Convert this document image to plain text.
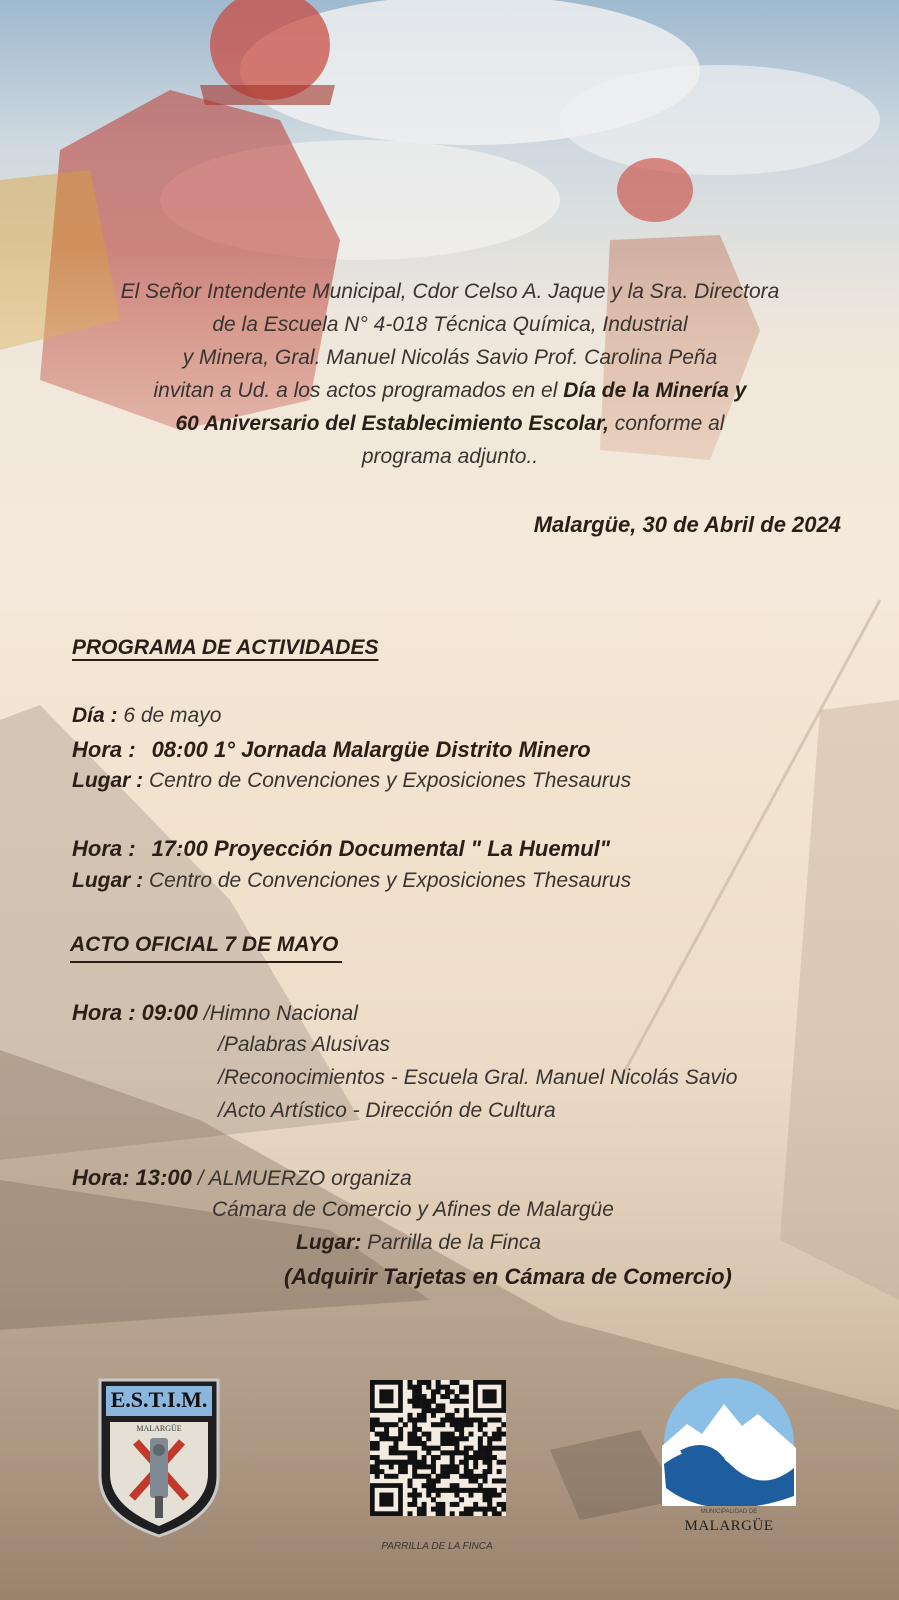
El Señor Intendente Municipal, Cdor Celso A. Jaque y la Sra. Directora
de la Escuela N° 4-018 Técnica Química, Industrial
y Minera, Gral. Manuel Nicolás Savio Prof. Carolina Peña
invitan a Ud. a los actos programados en el Día de la Minería y
60 Aniversario del Establecimiento Escolar, conforme al
programa adjunto..
Malargüe, 30 de Abril de 2024
PROGRAMA DE ACTIVIDADES
Día : 6 de mayo
Hora : 08:00 1° Jornada Malargüe Distrito Minero
Lugar : Centro de Convenciones y Exposiciones Thesaurus
Hora : 17:00 Proyección Documental " La Huemul"
Lugar : Centro de Convenciones y Exposiciones Thesaurus
ACTO OFICIAL 7 DE MAYO
Hora : 09:00 /Himno Nacional
/Palabras Alusivas
/Reconocimientos - Escuela Gral. Manuel Nicolás Savio
/Acto Artístico - Dirección de Cultura
Hora: 13:00 / ALMUERZO organiza
Cámara de Comercio y Afines de Malargüe
Lugar: Parrilla de la Finca
(Adquirir Tarjetas en Cámara de Comercio)
E.S.T.I.M.
MALARGÜE
PARRILLA DE LA FINCA
MUNICIPALIDAD DE
MALARGÜE
